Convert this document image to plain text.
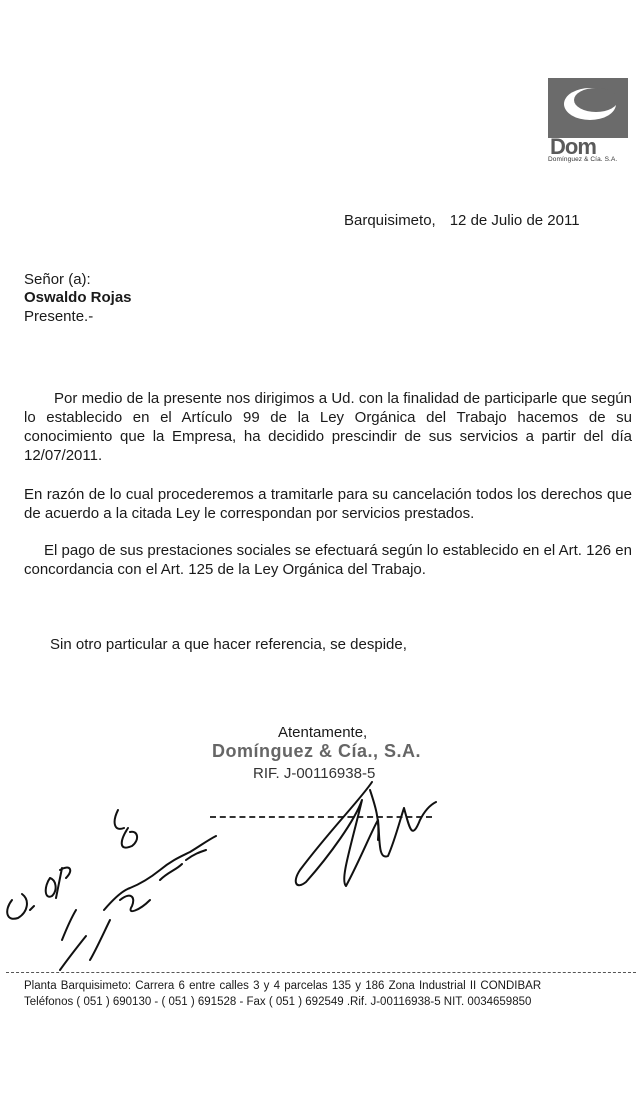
Dom
Domínguez & Cía. S.A.
Barquisimeto, 12 de Julio de 2011
Señor (a):
Oswaldo Rojas
Presente.-
Por medio de la presente nos dirigimos a Ud. con la finalidad de participarle que según lo establecido en el Artículo 99 de la Ley Orgánica del Trabajo hacemos de su conocimiento que la Empresa, ha decidido prescindir de sus servicios a partir del día 12/07/2011.
En razón de lo cual procederemos a tramitarle para su cancelación todos los derechos que de acuerdo a la citada Ley le correspondan por servicios prestados.
El pago de sus prestaciones sociales se efectuará según lo establecido en el Art. 126 en concordancia con el Art. 125 de la Ley Orgánica del Trabajo.
Sin otro particular a que hacer referencia, se despide,
Atentamente,
Domínguez & Cía., S.A.
RIF. J-00116938-5
Planta Barquisimeto: Carrera 6 entre calles 3 y 4 parcelas 135 y 186 Zona Industrial II CONDIBAR
Teléfonos ( 051 ) 690130 - ( 051 ) 691528 - Fax ( 051 ) 692549 .Rif. J-00116938-5 NIT. 0034659850
